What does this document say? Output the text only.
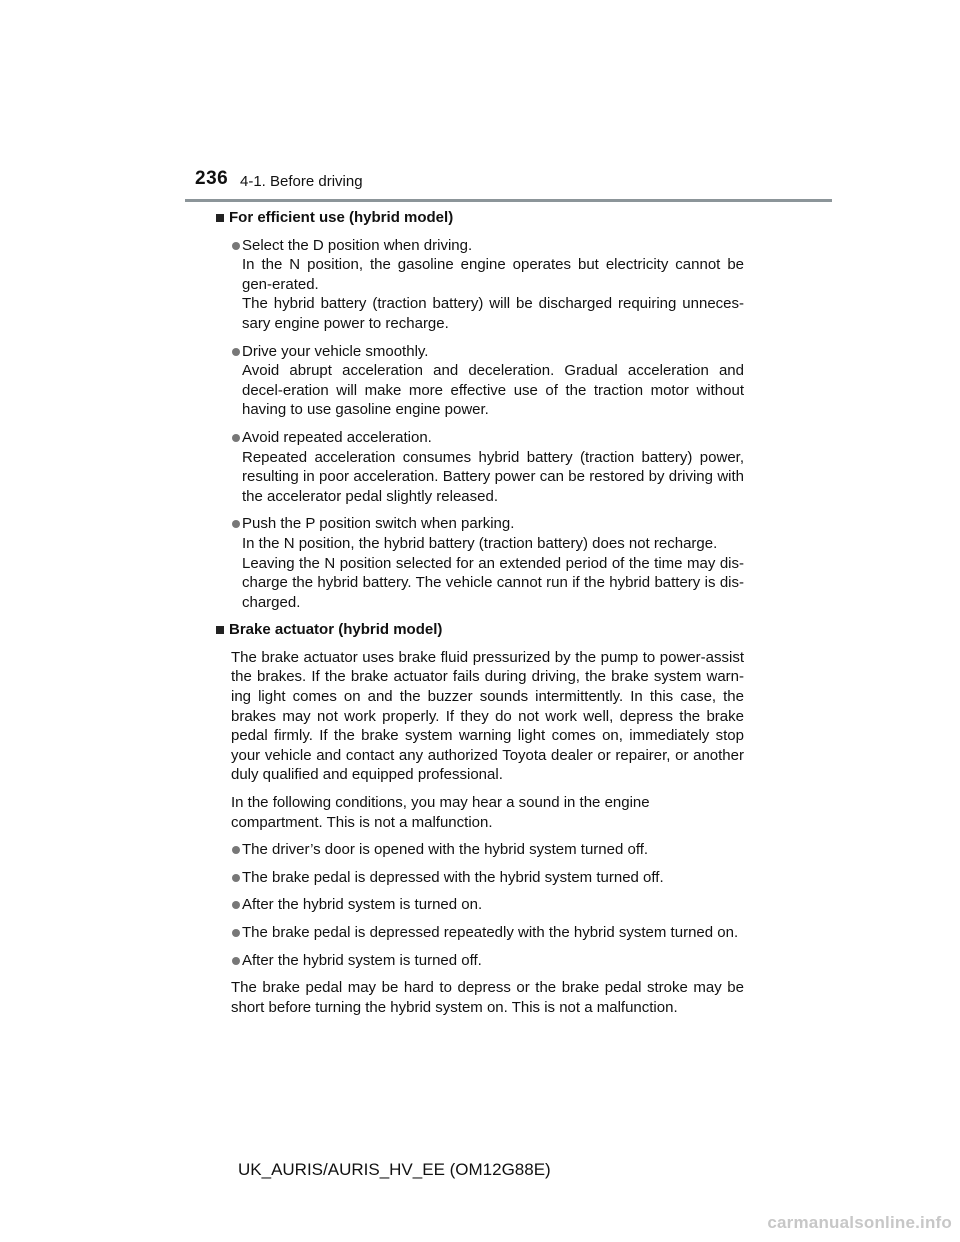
236 4-1. Before driving
For efficient use (hybrid model)
Select the D position when driving.
In the N position, the gasoline engine operates but electricity cannot be gen-erated.
The hybrid battery (traction battery) will be discharged requiring unneces-sary engine power to recharge.
Drive your vehicle smoothly.
Avoid abrupt acceleration and deceleration. Gradual acceleration and decel-eration will make more effective use of the traction motor without having to use gasoline engine power.
Avoid repeated acceleration.
Repeated acceleration consumes hybrid battery (traction battery) power, resulting in poor acceleration. Battery power can be restored by driving with the accelerator pedal slightly released.
Push the P position switch when parking.
In the N position, the hybrid battery (traction battery) does not recharge.
Leaving the N position selected for an extended period of the time may dis-charge the hybrid battery. The vehicle cannot run if the hybrid battery is dis-charged.
Brake actuator (hybrid model)
The brake actuator uses brake fluid pressurized by the pump to power-assist the brakes. If the brake actuator fails during driving, the brake system warn-ing light comes on and the buzzer sounds intermittently. In this case, the brakes may not work properly. If they do not work well, depress the brake pedal firmly. If the brake system warning light comes on, immediately stop your vehicle and contact any authorized Toyota dealer or repairer, or another duly qualified and equipped professional.
In the following conditions, you may hear a sound in the engine compartment. This is not a malfunction.
The driver’s door is opened with the hybrid system turned off.
The brake pedal is depressed with the hybrid system turned off.
After the hybrid system is turned on.
The brake pedal is depressed repeatedly with the hybrid system turned on.
After the hybrid system is turned off.
The brake pedal may be hard to depress or the brake pedal stroke may be short before turning the hybrid system on. This is not a malfunction.
UK_AURIS/AURIS_HV_EE (OM12G88E)
carmanualsonline.info
